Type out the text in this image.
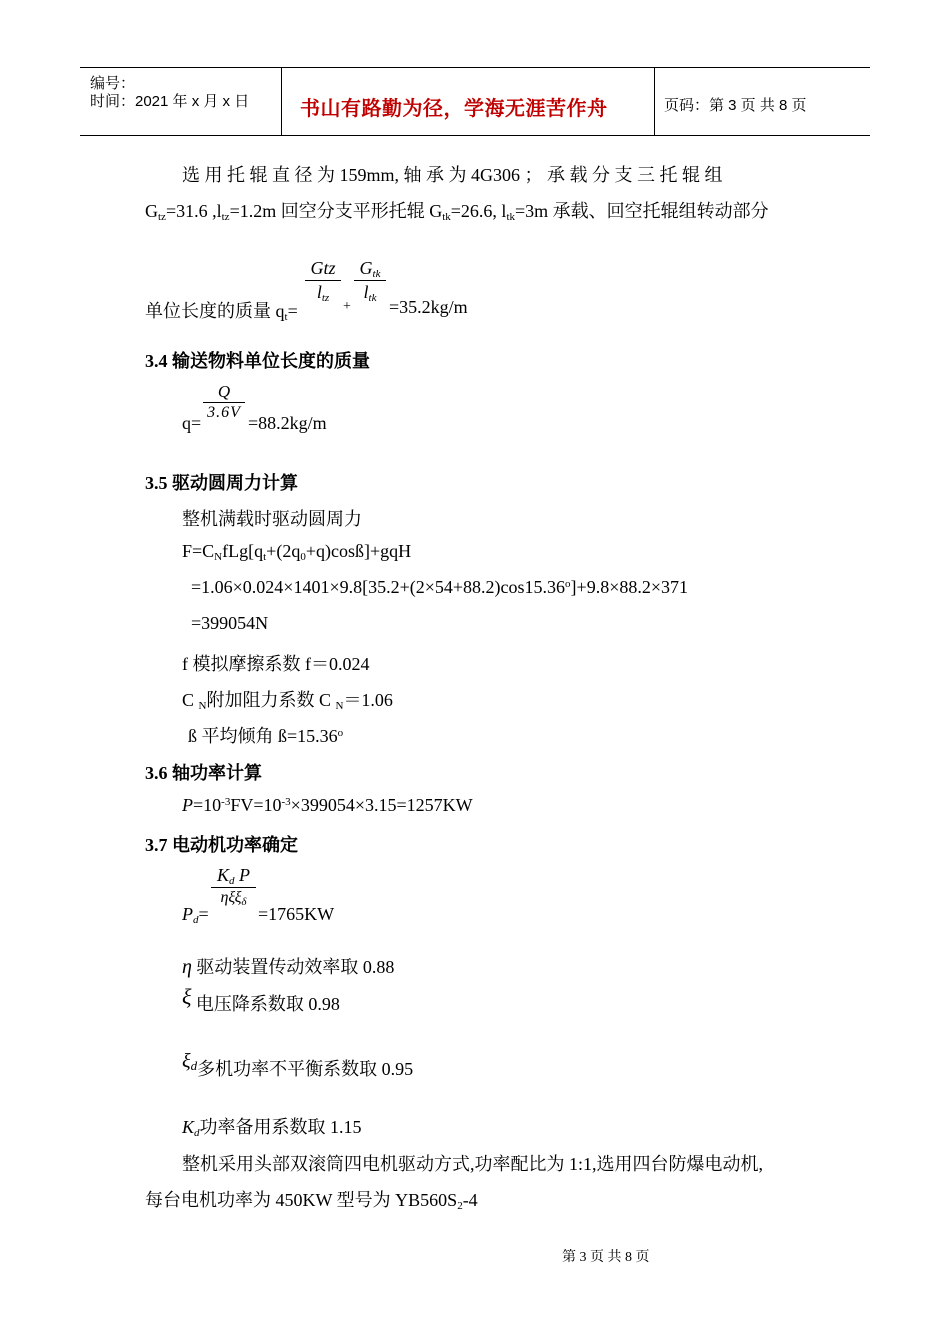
编号：
时间：2021 年 x 月 x 日	书山有路勤为径，学海无涯苦作舟	页码：第 3 页 共 8 页
选 用 托 辊 直 径 为 159mm, 轴 承 为 4G306 ； 承 载 分 支 三 托 辊 组
$G_{tz}=31.6$ $,l_{tz}=1.2m$ 回空分支平形托辊 $G_{tk}=26.6$, $l_{tk}=3m$ 承载、回空托辊组转动部分
单位长度的质量 $q_t=$
Gtz
$l_{tz}$
+
$G_{tk}$
$l_{tk} =35.2kg/m$
3.4 输送物料单位长度的质量
q=
Q
3.6V
=88.2kg/m
3.5 驱动圆周力计算
整机满载时驱动圆周力
$F=C_NfLg[q_t+(2q_0+q)\cos ß]+gqH$
$=1.06\times 0.024\times 1401\times 9.8[35.2+(2\times 54+88.2)\cos 15.36^o]+9.8\times 88.2\times 371$
=399054N
f 模拟摩擦系数 f＝0.024
C $_N$附加阻力系数 C $_N$＝1.06
ß 平均倾角 $ß=15.36^o$
3.6 轴功率计算
$P=10^{-3}FV=10^{-3}\times 399054\times 3.15=1257KW$
3.7 电动机功率确定
$P_d=$
$K_d$ P
ηξξ$_\delta$
=1765KW
η 驱动装置传动效率取 0.88
ξ 电压降系数取 0.98
$\xi_d$多机功率不平衡系数取 0.95
$K_d$功率备用系数取 1.15
整机采用头部双滚筒四电机驱动方式,功率配比为 1:1,选用四台防爆电动机,
每台电机功率为 450KW 型号为 $YB560S_2-4$
第 3 页 共 8 页
